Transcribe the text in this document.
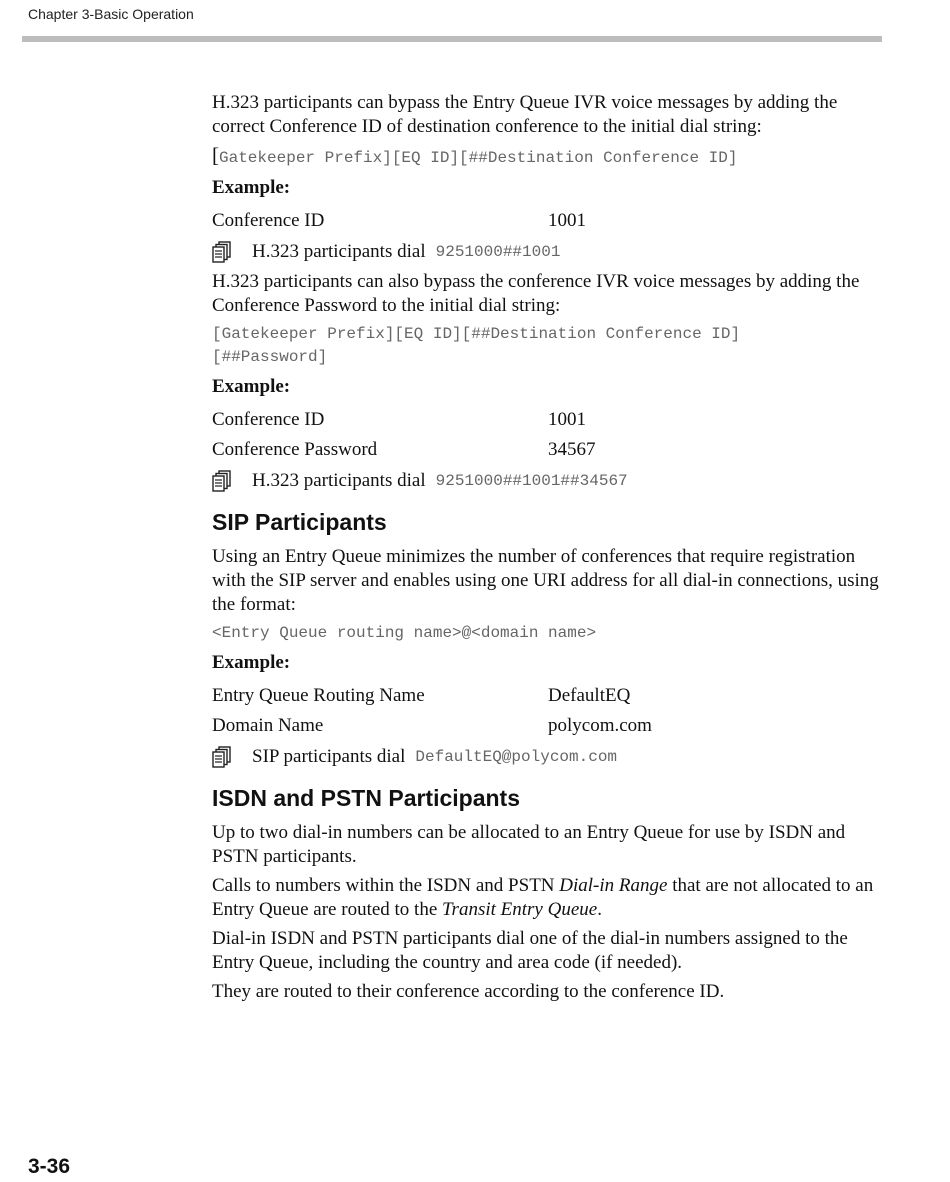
Chapter 3-Basic Operation

H.323 participants can bypass the Entry Queue IVR voice messages by adding the correct Conference ID of destination conference to the initial dial string:

[Gatekeeper Prefix][EQ ID][##Destination Conference ID]

Example:

Conference ID	1001
H.323 participants dial 9251000##1001

H.323 participants can also bypass the conference IVR voice messages by adding the Conference Password to the initial dial string:

[Gatekeeper Prefix][EQ ID][##Destination Conference ID][##Password]

Example:

Conference ID	1001
Conference Password	34567
H.323 participants dial 9251000##1001##34567
SIP Participants

Using an Entry Queue minimizes the number of conferences that require registration with the SIP server and enables using one URI address for all dial-in connections, using the format:

<Entry Queue routing name>@<domain name>

Example:

Entry Queue Routing Name	DefaultEQ
Domain Name	polycom.com
SIP participants dial DefaultEQ@polycom.com
ISDN and PSTN Participants

Up to two dial-in numbers can be allocated to an Entry Queue for use by ISDN and PSTN participants.

Calls to numbers within the ISDN and PSTN Dial-in Range that are not allocated to an Entry Queue are routed to the Transit Entry Queue.

Dial-in ISDN and PSTN participants dial one of the dial-in numbers assigned to the Entry Queue, including the country and area code (if needed).

They are routed to their conference according to the conference ID.

3-36
